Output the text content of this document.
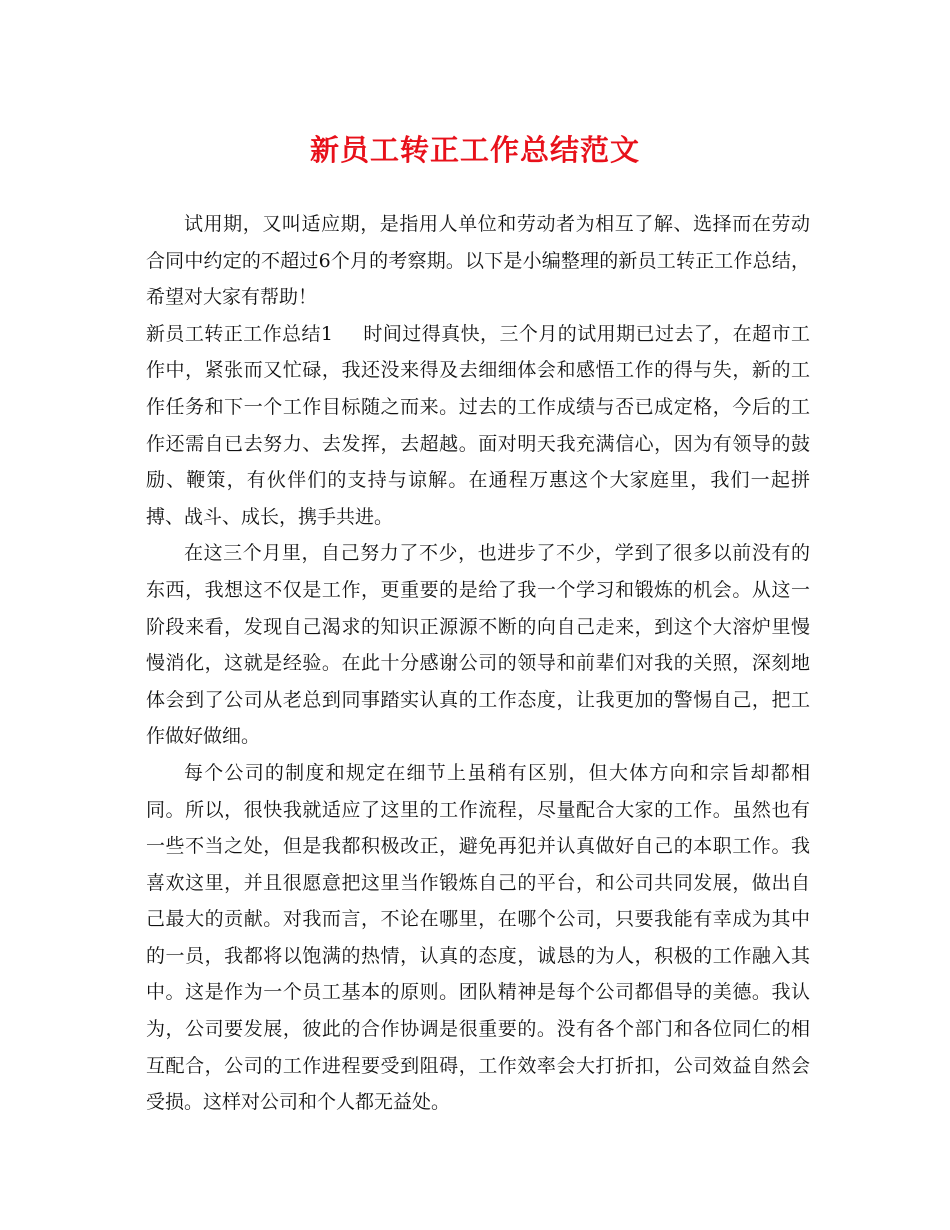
新员工转正工作总结范文

试用期，又叫适应期，是指用人单位和劳动者为相互了解、选择而在劳动合同中约定的不超过6个月的考察期。以下是小编整理的新员工转正工作总结，希望对大家有帮助！

新员工转正工作总结1 时间过得真快，三个月的试用期已过去了，在超市工作中，紧张而又忙碌，我还没来得及去细细体会和感悟工作的得与失，新的工作任务和下一个工作目标随之而来。过去的工作成绩与否已成定格，今后的工作还需自已去努力、去发挥，去超越。面对明天我充满信心，因为有领导的鼓励、鞭策，有伙伴们的支持与谅解。在通程万惠这个大家庭里，我们一起拼搏、战斗、成长，携手共进。

在这三个月里，自己努力了不少，也进步了不少，学到了很多以前没有的东西，我想这不仅是工作，更重要的是给了我一个学习和锻炼的机会。从这一阶段来看，发现自己渴求的知识正源源不断的向自己走来，到这个大溶炉里慢慢消化，这就是经验。在此十分感谢公司的领导和前辈们对我的关照，深刻地体会到了公司从老总到同事踏实认真的工作态度，让我更加的警惕自己，把工作做好做细。

每个公司的制度和规定在细节上虽稍有区别，但大体方向和宗旨却都相同。所以，很快我就适应了这里的工作流程，尽量配合大家的工作。虽然也有一些不当之处，但是我都积极改正，避免再犯并认真做好自己的本职工作。我喜欢这里，并且很愿意把这里当作锻炼自己的平台，和公司共同发展，做出自己最大的贡献。对我而言，不论在哪里，在哪个公司，只要我能有幸成为其中的一员，我都将以饱满的热情，认真的态度，诚恳的为人，积极的工作融入其中。这是作为一个员工基本的原则。团队精神是每个公司都倡导的美德。我认为，公司要发展，彼此的合作协调是很重要的。没有各个部门和各位同仁的相互配合，公司的工作进程要受到阻碍，工作效率会大打折扣，公司效益自然会受损。这样对公司和个人都无益处。
